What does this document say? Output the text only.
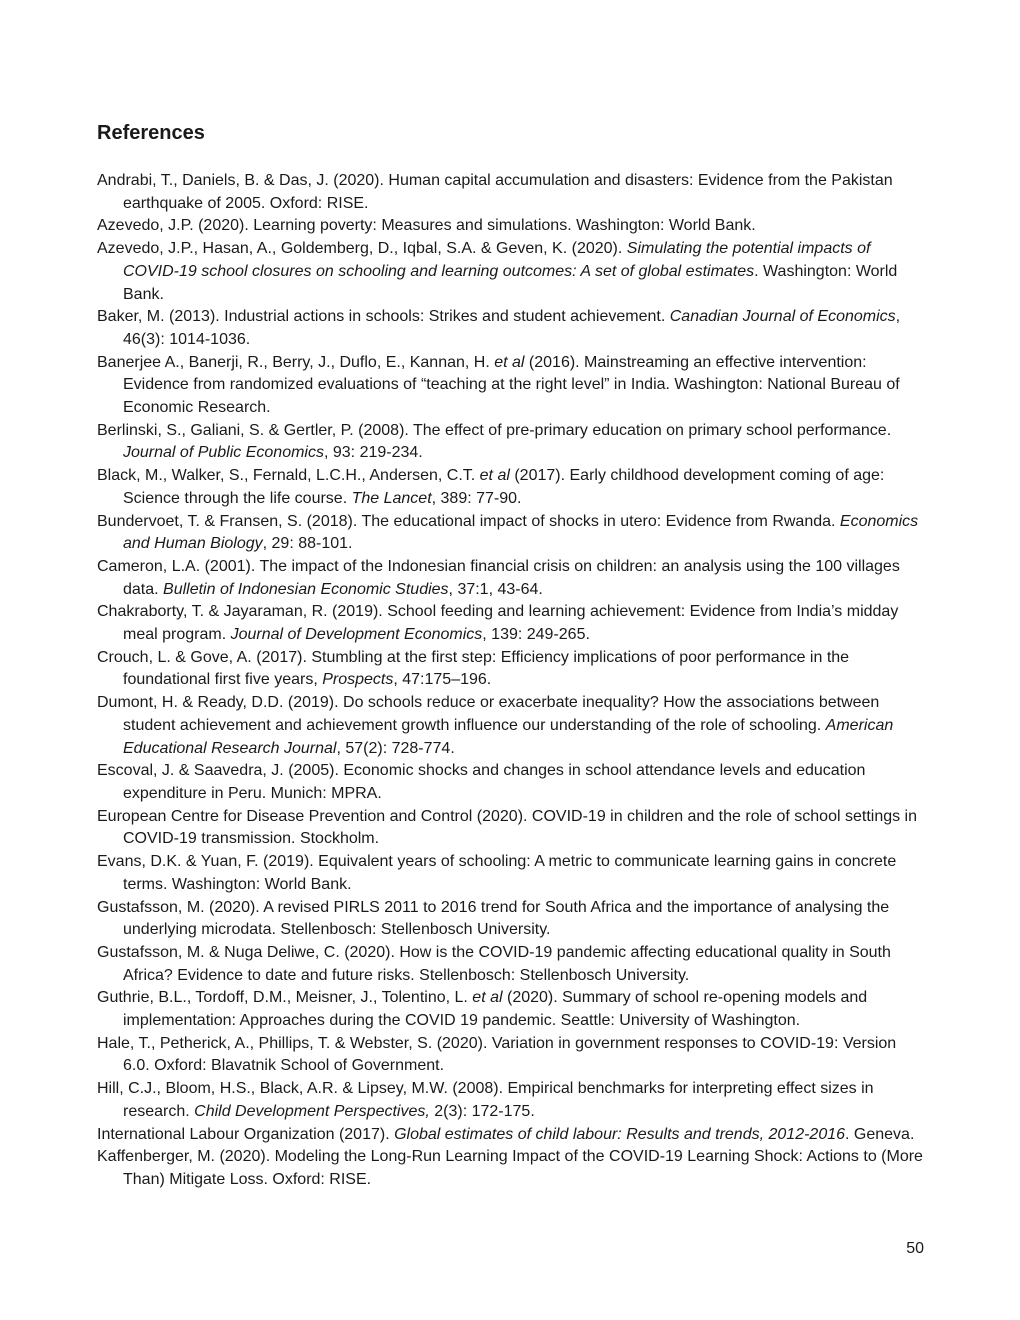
References

Andrabi, T., Daniels, B. & Das, J. (2020). Human capital accumulation and disasters: Evidence from the Pakistan earthquake of 2005. Oxford: RISE.

Azevedo, J.P. (2020). Learning poverty: Measures and simulations. Washington: World Bank.

Azevedo, J.P., Hasan, A., Goldemberg, D., Iqbal, S.A. & Geven, K. (2020). Simulating the potential impacts of COVID-19 school closures on schooling and learning outcomes: A set of global estimates. Washington: World Bank.

Baker, M. (2013). Industrial actions in schools: Strikes and student achievement. Canadian Journal of Economics, 46(3): 1014-1036.

Banerjee A., Banerji, R., Berry, J., Duflo, E., Kannan, H. et al (2016). Mainstreaming an effective intervention: Evidence from randomized evaluations of “teaching at the right level” in India. Washington: National Bureau of Economic Research.

Berlinski, S., Galiani, S. & Gertler, P. (2008). The effect of pre-primary education on primary school performance. Journal of Public Economics, 93: 219-234.

Black, M., Walker, S., Fernald, L.C.H., Andersen, C.T. et al (2017). Early childhood development coming of age: Science through the life course. The Lancet, 389: 77-90.

Bundervoet, T. & Fransen, S. (2018). The educational impact of shocks in utero: Evidence from Rwanda. Economics and Human Biology, 29: 88-101.

Cameron, L.A. (2001). The impact of the Indonesian financial crisis on children: an analysis using the 100 villages data. Bulletin of Indonesian Economic Studies, 37:1, 43-64.

Chakraborty, T. & Jayaraman, R. (2019). School feeding and learning achievement: Evidence from India’s midday meal program. Journal of Development Economics, 139: 249-265.

Crouch, L. & Gove, A. (2017). Stumbling at the first step: Efficiency implications of poor performance in the foundational first five years, Prospects, 47:175–196.

Dumont, H. & Ready, D.D. (2019). Do schools reduce or exacerbate inequality? How the associations between student achievement and achievement growth influence our understanding of the role of schooling. American Educational Research Journal, 57(2): 728-774.

Escoval, J. & Saavedra, J. (2005). Economic shocks and changes in school attendance levels and education expenditure in Peru. Munich: MPRA.

European Centre for Disease Prevention and Control (2020). COVID-19 in children and the role of school settings in COVID-19 transmission. Stockholm.

Evans, D.K. & Yuan, F. (2019). Equivalent years of schooling: A metric to communicate learning gains in concrete terms. Washington: World Bank.

Gustafsson, M. (2020). A revised PIRLS 2011 to 2016 trend for South Africa and the importance of analysing the underlying microdata. Stellenbosch: Stellenbosch University.

Gustafsson, M. & Nuga Deliwe, C. (2020). How is the COVID-19 pandemic affecting educational quality in South Africa? Evidence to date and future risks. Stellenbosch: Stellenbosch University.

Guthrie, B.L., Tordoff, D.M., Meisner, J., Tolentino, L. et al (2020). Summary of school re-opening models and implementation: Approaches during the COVID 19 pandemic. Seattle: University of Washington.

Hale, T., Petherick, A., Phillips, T. & Webster, S. (2020). Variation in government responses to COVID-19: Version 6.0. Oxford: Blavatnik School of Government.

Hill, C.J., Bloom, H.S., Black, A.R. & Lipsey, M.W. (2008). Empirical benchmarks for interpreting effect sizes in research. Child Development Perspectives, 2(3): 172-175.

International Labour Organization (2017). Global estimates of child labour: Results and trends, 2012-2016. Geneva.

Kaffenberger, M. (2020). Modeling the Long-Run Learning Impact of the COVID-19 Learning Shock: Actions to (More Than) Mitigate Loss. Oxford: RISE.

50
